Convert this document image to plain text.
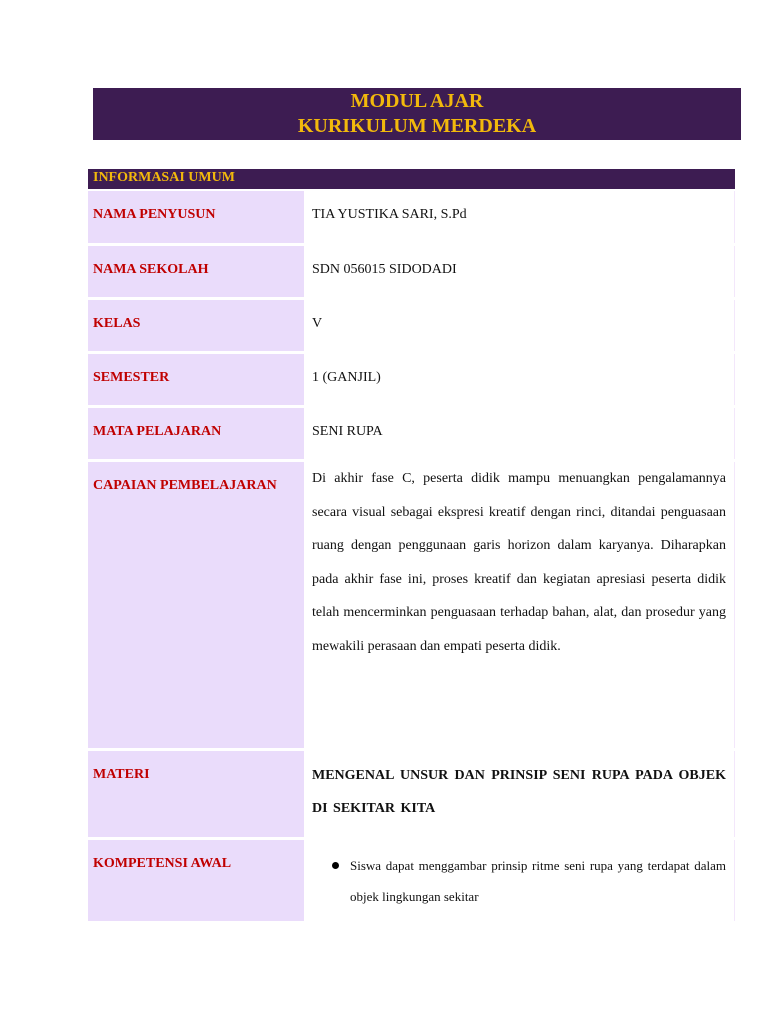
MODUL AJAR
KURIKULUM MERDEKA
INFORMASAI UMUM
NAMA PENYUSUN	TIA YUSTIKA SARI, S.Pd
NAMA SEKOLAH	SDN 056015 SIDODADI
KELAS	V
SEMESTER	1 (GANJIL)
MATA PELAJARAN	SENI RUPA
CAPAIAN PEMBELAJARAN	Di akhir fase C, peserta didik mampu menuangkan pengalamannya secara visual sebagai ekspresi kreatif dengan rinci, ditandai penguasaan ruang dengan penggunaan garis horizon dalam karyanya. Diharapkan pada akhir fase ini, proses kreatif dan kegiatan apresiasi peserta didik telah mencerminkan penguasaan terhadap bahan, alat, dan prosedur yang mewakili perasaan dan empati peserta didik.
MATERI	MENGENAL UNSUR DAN PRINSIP SENI RUPA PADA OBJEK DI SEKITAR KITA
KOMPETENSI AWAL	Siswa dapat menggambar prinsip ritme seni rupa yang terdapat dalam objek lingkungan sekitar
